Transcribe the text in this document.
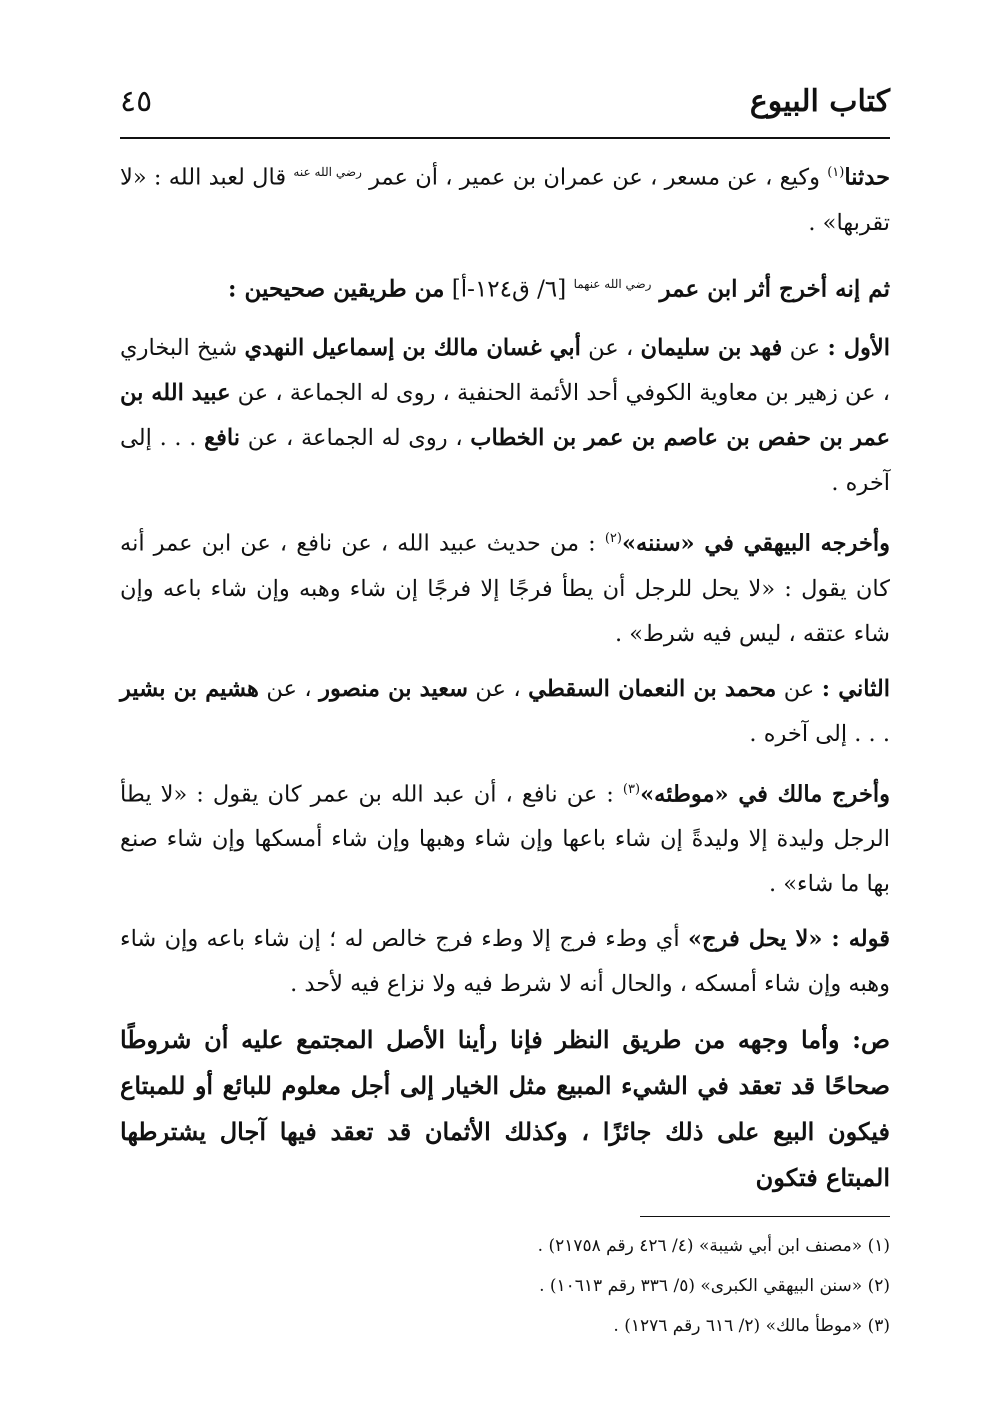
كتاب البيوع
٤٥

حدثنا$^{(١)}$ وكيع ، عن مسعر ، عن عمران بن عمير ، أن عمر $^{رضي الله عنه}$ قال لعبد الله : «لا تقربها» .

ثم إنه أخرج أثر ابن عمر $^{رضي الله عنهما}$ [٦/ ق١٢٤-أ] من طريقين صحيحين :

الأول : عن فهد بن سليمان ، عن أبي غسان مالك بن إسماعيل النهدي شيخ البخاري ، عن زهير بن معاوية الكوفي أحد الأئمة الحنفية ، روى له الجماعة ، عن عبيد الله بن عمر بن حفص بن عاصم بن عمر بن الخطاب ، روى له الجماعة ، عن نافع . . . إلى آخره .

وأخرجه البيهقي في «سننه»$^{(٢)}$ : من حديث عبيد الله ، عن نافع ، عن ابن عمر أنه كان يقول : «لا يحل للرجل أن يطأ فرجًا إلا فرجًا إن شاء وهبه وإن شاء باعه وإن شاء عتقه ، ليس فيه شرط» .

الثاني : عن محمد بن النعمان السقطي ، عن سعيد بن منصور ، عن هشيم بن بشير . . . إلى آخره .

وأخرج مالك في «موطئه»$^{(٣)}$ : عن نافع ، أن عبد الله بن عمر كان يقول : «لا يطأ الرجل وليدة إلا وليدةً إن شاء باعها وإن شاء وهبها وإن شاء أمسكها وإن شاء صنع بها ما شاء» .

قوله : «لا يحل فرج» أي وطء فرج إلا وطء فرج خالص له ؛ إن شاء باعه وإن شاء وهبه وإن شاء أمسكه ، والحال أنه لا شرط فيه ولا نزاع فيه لأحد .

ص: وأما وجهه من طريق النظر فإنا رأينا الأصل المجتمع عليه أن شروطًا صحاحًا قد تعقد في الشيء المبيع مثل الخيار إلى أجل معلوم للبائع أو للمبتاع فيكون البيع على ذلك جائزًا ، وكذلك الأثمان قد تعقد فيها آجال يشترطها المبتاع فتكون

(١) «مصنف ابن أبي شيبة» (٤/ ٤٢٦ رقم ٢١٧٥٨) .

(٢) «سنن البيهقي الكبرى» (٥/ ٣٣٦ رقم ١٠٦١٣) .

(٣) «موطأ مالك» (٢/ ٦١٦ رقم ١٢٧٦) .
